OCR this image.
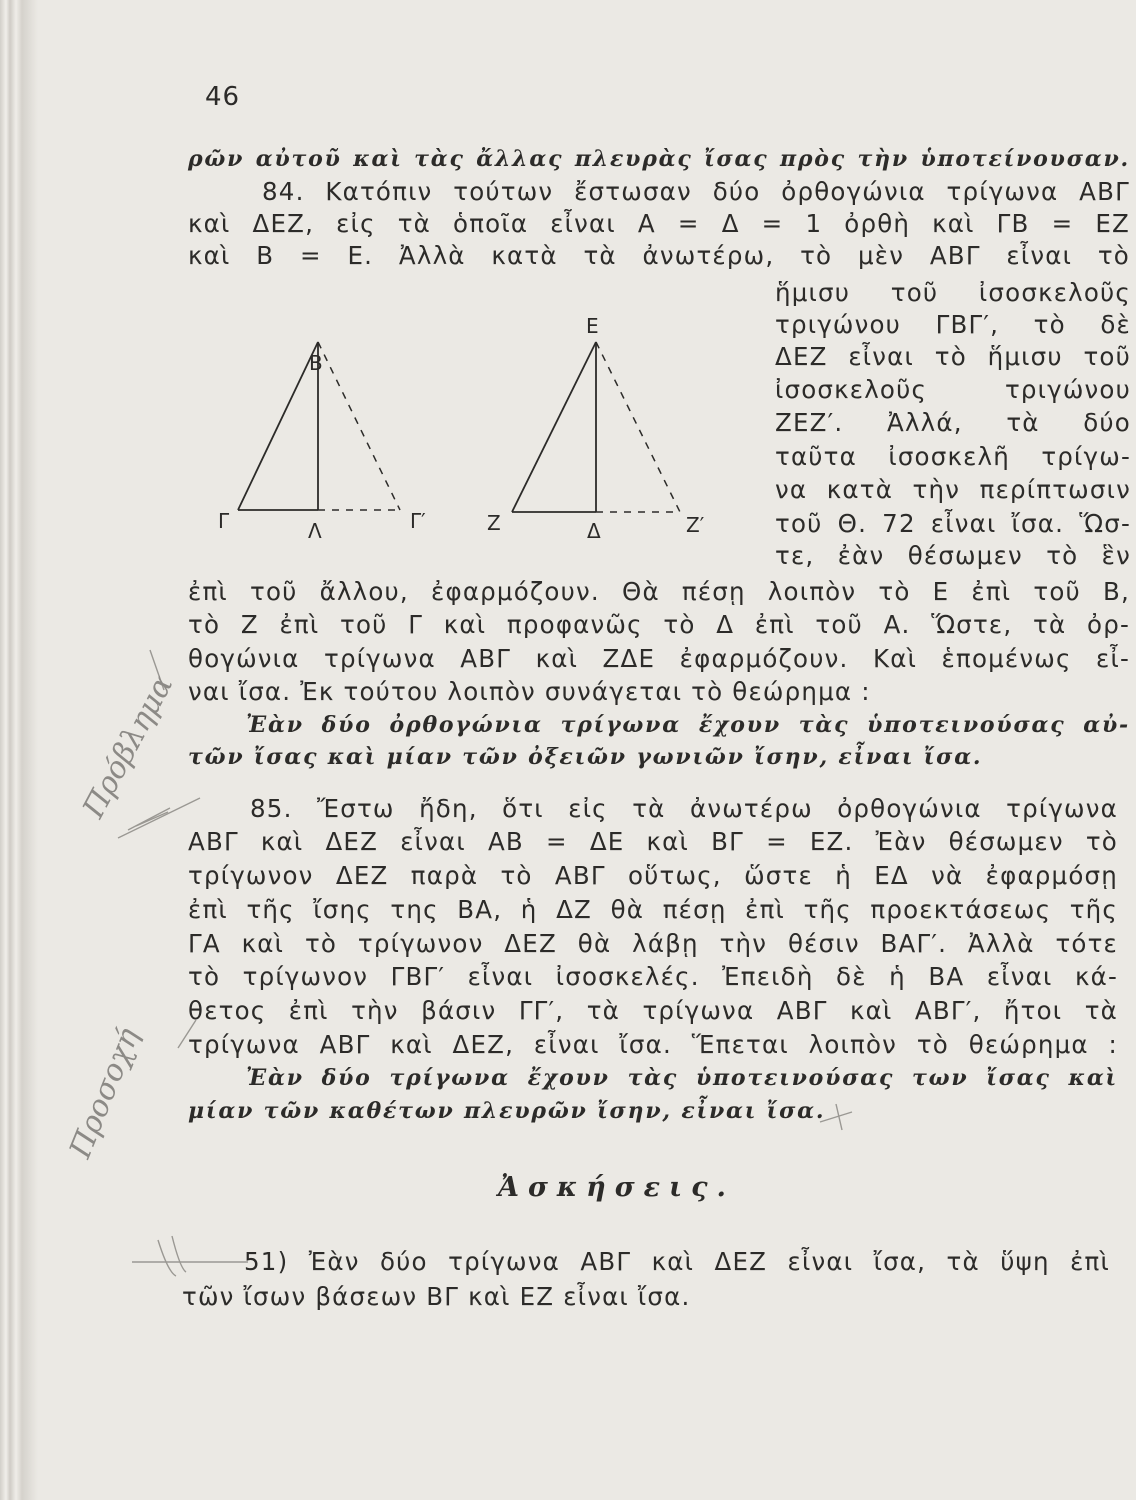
46
ρῶν αὐτοῦ καὶ τὰς ἄλλας πλευρὰς ἴσας πρὸς τὴν ὑποτείνουσαν.
84. Κατόπιν τούτων ἔστωσαν δύο ὀρθογώνια τρίγωνα ΑΒΓ
καὶ ΔΕΖ, εἰς τὰ ὁποῖα εἶναι Α = Δ = 1 ὀρθὴ καὶ ΓΒ = ΕΖ
καὶ Β = Ε. Ἀλλὰ κατὰ τὰ ἀνωτέρω, τὸ μὲν ΑΒΓ εἶναι τὸ
ἥμισυ τοῦ ἰσοσκελοῦς
τριγώνου ΓΒΓ′, τὸ δὲ
ΔΕΖ εἶναι τὸ ἥμισυ τοῦ
ἰσοσκελοῦς τριγώνου
ΖΕΖ′. Ἀλλά, τὰ δύο
ταῦτα ἰσοσκελῆ τρίγω-
να κατὰ τὴν περίπτωσιν
τοῦ Θ. 72 εἶναι ἴσα. Ὥσ-
τε, ἐὰν θέσωμεν τὸ ἓν
B
Γ	Λ	Γ′
E
Z	Δ	Z′
ἐπὶ τοῦ ἄλλου, ἐφαρμόζουν. Θὰ πέσῃ λοιπὸν τὸ Ε ἐπὶ τοῦ Β,
τὸ Ζ ἐπὶ τοῦ Γ καὶ προφανῶς τὸ Δ ἐπὶ τοῦ Α. Ὥστε, τὰ ὀρ-
θογώνια τρίγωνα ΑΒΓ καὶ ΖΔΕ ἐφαρμόζουν. Καὶ ἑπομένως εἶ-
ναι ἴσα. Ἐκ τούτου λοιπὸν συνάγεται τὸ θεώρημα :
Ἐὰν δύο ὀρθογώνια τρίγωνα ἔχουν τὰς ὑποτεινούσας αὐ-
τῶν ἴσας καὶ μίαν τῶν ὀξειῶν γωνιῶν ἴσην, εἶναι ἴσα.
85. Ἔστω ἤδη, ὅτι εἰς τὰ ἀνωτέρω ὀρθογώνια τρίγωνα
ΑΒΓ καὶ ΔΕΖ εἶναι ΑΒ = ΔΕ καὶ ΒΓ = ΕΖ. Ἐὰν θέσωμεν τὸ
τρίγωνον ΔΕΖ παρὰ τὸ ΑΒΓ οὕτως, ὥστε ἡ ΕΔ νὰ ἐφαρμόσῃ
ἐπὶ τῆς ἴσης της ΒΑ, ἡ ΔΖ θὰ πέσῃ ἐπὶ τῆς προεκτάσεως τῆς
ΓΑ καὶ τὸ τρίγωνον ΔΕΖ θὰ λάβῃ τὴν θέσιν ΒΑΓ′. Ἀλλὰ τότε
τὸ τρίγωνον ΓΒΓ′ εἶναι ἰσοσκελές. Ἐπειδὴ δὲ ἡ ΒΑ εἶναι κά-
θετος ἐπὶ τὴν βάσιν ΓΓ′, τὰ τρίγωνα ΑΒΓ καὶ ΑΒΓ′, ἤτοι τὰ
τρίγωνα ΑΒΓ καὶ ΔΕΖ, εἶναι ἴσα. Ἕπεται λοιπὸν τὸ θεώρημα :
Ἐὰν δύο τρίγωνα ἔχουν τὰς ὑποτεινούσας των ἴσας καὶ
μίαν τῶν καθέτων πλευρῶν ἴσην, εἶναι ἴσα.
Ἀσκήσεις.
51) Ἐὰν δύο τρίγωνα ΑΒΓ καὶ ΔΕΖ εἶναι ἴσα, τὰ ὕψη ἐπὶ
τῶν ἴσων βάσεων ΒΓ καὶ ΕΖ εἶναι ἴσα.
Πρόβλημα
Προσοχή
